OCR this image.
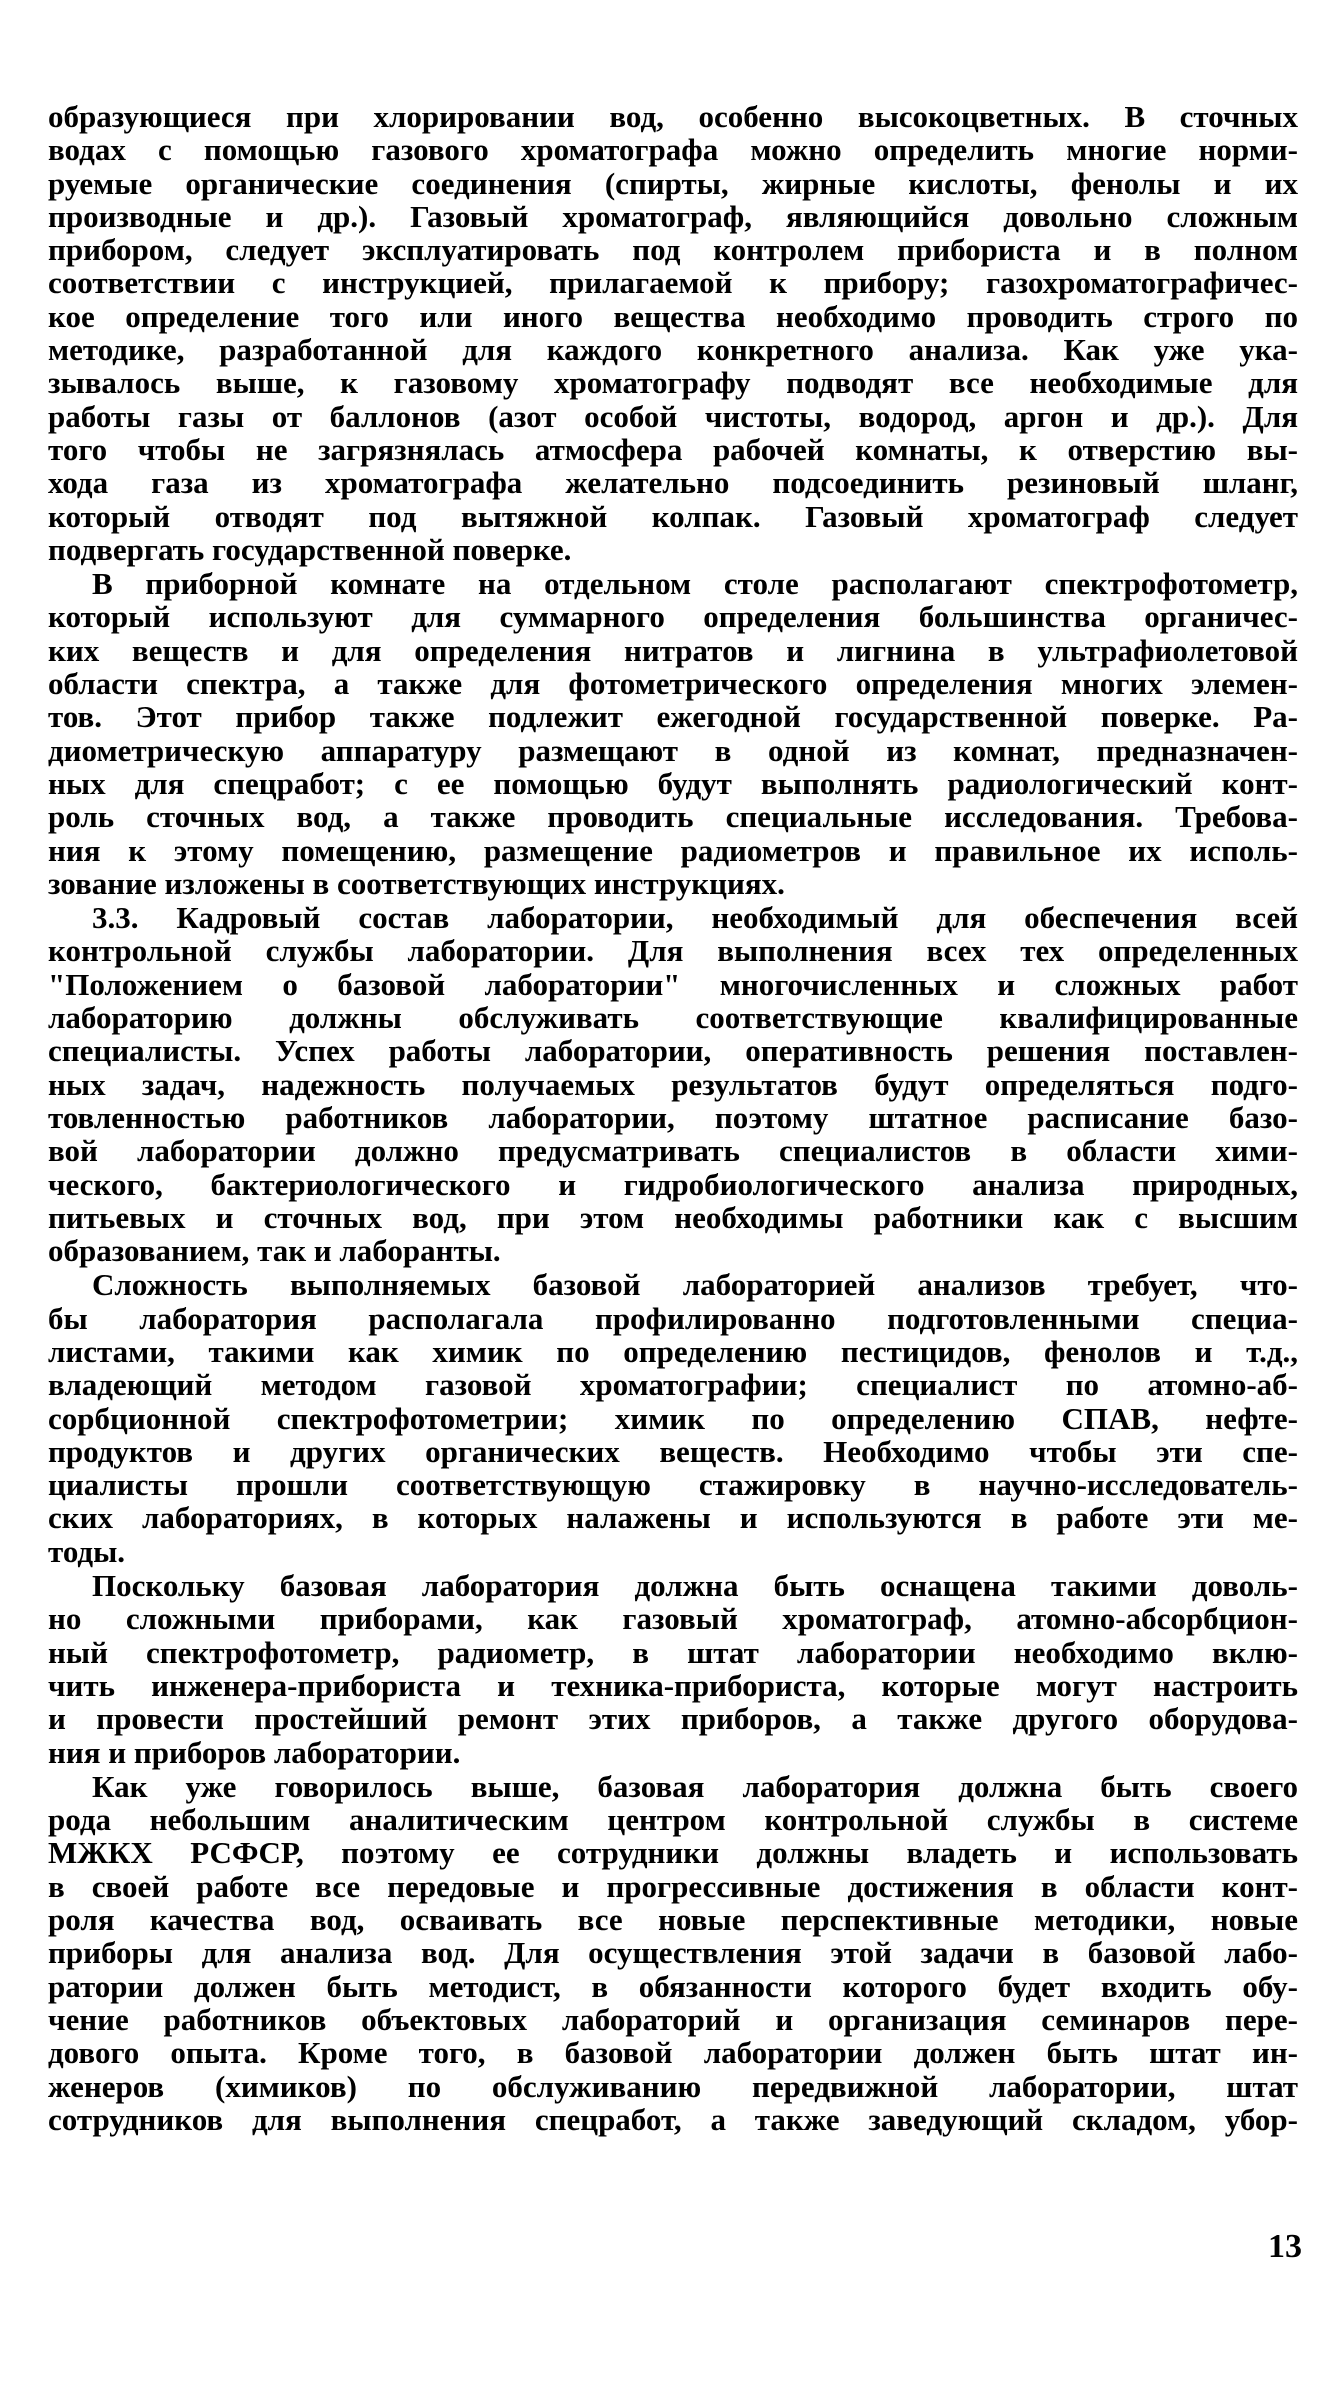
образующиеся при хлорировании вод, особенно высокоцветных. В сточных
водах с помощью газового хроматографа можно определить многие норми-
руемые органические соединения (спирты, жирные кислоты, фенолы и их
производные и др.). Газовый хроматограф, являющийся довольно сложным
прибором, следует эксплуатировать под контролем прибориста и в полном
соответствии с инструкцией, прилагаемой к прибору; газохроматографичес-
кое определение того или иного вещества необходимо проводить строго по
методике, разработанной для каждого конкретного анализа. Как уже ука-
зывалось выше, к газовому хроматографу подводят все необходимые для
работы газы от баллонов (азот особой чистоты, водород, аргон и др.). Для
того чтобы не загрязнялась атмосфера рабочей комнаты, к отверстию вы-
хода газа из хроматографа желательно подсоединить резиновый шланг,
который отводят под вытяжной колпак. Газовый хроматограф следует
подвергать государственной поверке.
В приборной комнате на отдельном столе располагают спектрофотометр,
который используют для суммарного определения большинства органичес-
ких веществ и для определения нитратов и лигнина в ультрафиолетовой
области спектра, а также для фотометрического определения многих элемен-
тов. Этот прибор также подлежит ежегодной государственной поверке. Ра-
диометрическую аппаратуру размещают в одной из комнат, предназначен-
ных для спецработ; с ее помощью будут выполнять радиологический конт-
роль сточных вод, а также проводить специальные исследования. Требова-
ния к этому помещению, размещение радиометров и правильное их исполь-
зование изложены в соответствующих инструкциях.
3.3. Кадровый состав лаборатории, необходимый для обеспечения всей
контрольной службы лаборатории. Для выполнения всех тех определенных
"Положением о базовой лаборатории" многочисленных и сложных работ
лабораторию должны обслуживать соответствующие квалифицированные
специалисты. Успех работы лаборатории, оперативность решения поставлен-
ных задач, надежность получаемых результатов будут определяться подго-
товленностью работников лаборатории, поэтому штатное расписание базо-
вой лаборатории должно предусматривать специалистов в области хими-
ческого, бактериологического и гидробиологического анализа природных,
питьевых и сточных вод, при этом необходимы работники как с высшим
образованием, так и лаборанты.
Сложность выполняемых базовой лабораторией анализов требует, что-
бы лаборатория располагала профилированно подготовленными специа-
листами, такими как химик по определению пестицидов, фенолов и т.д.,
владеющий методом газовой хроматографии; специалист по атомно-аб-
сорбционной спектрофотометрии; химик по определению СПАВ, нефте-
продуктов и других органических веществ. Необходимо чтобы эти спе-
циалисты прошли соответствующую стажировку в научно-исследователь-
ских лабораториях, в которых налажены и используются в работе эти ме-
тоды.
Поскольку базовая лаборатория должна быть оснащена такими доволь-
но сложными приборами, как газовый хроматограф, атомно-абсорбцион-
ный спектрофотометр, радиометр, в штат лаборатории необходимо вклю-
чить инженера-прибориста и техника-прибориста, которые могут настроить
и провести простейший ремонт этих приборов, а также другого оборудова-
ния и приборов лаборатории.
Как уже говорилось выше, базовая лаборатория должна быть своего
рода небольшим аналитическим центром контрольной службы в системе
МЖКХ РСФСР, поэтому ее сотрудники должны владеть и использовать
в своей работе все передовые и прогрессивные достижения в области конт-
роля качества вод, осваивать все новые перспективные методики, новые
приборы для анализа вод. Для осуществления этой задачи в базовой лабо-
ратории должен быть методист, в обязанности которого будет входить обу-
чение работников объектовых лабораторий и организация семинаров пере-
дового опыта. Кроме того, в базовой лаборатории должен быть штат ин-
женеров (химиков) по обслуживанию передвижной лаборатории, штат
сотрудников для выполнения спецработ, а также заведующий складом, убор-
13
